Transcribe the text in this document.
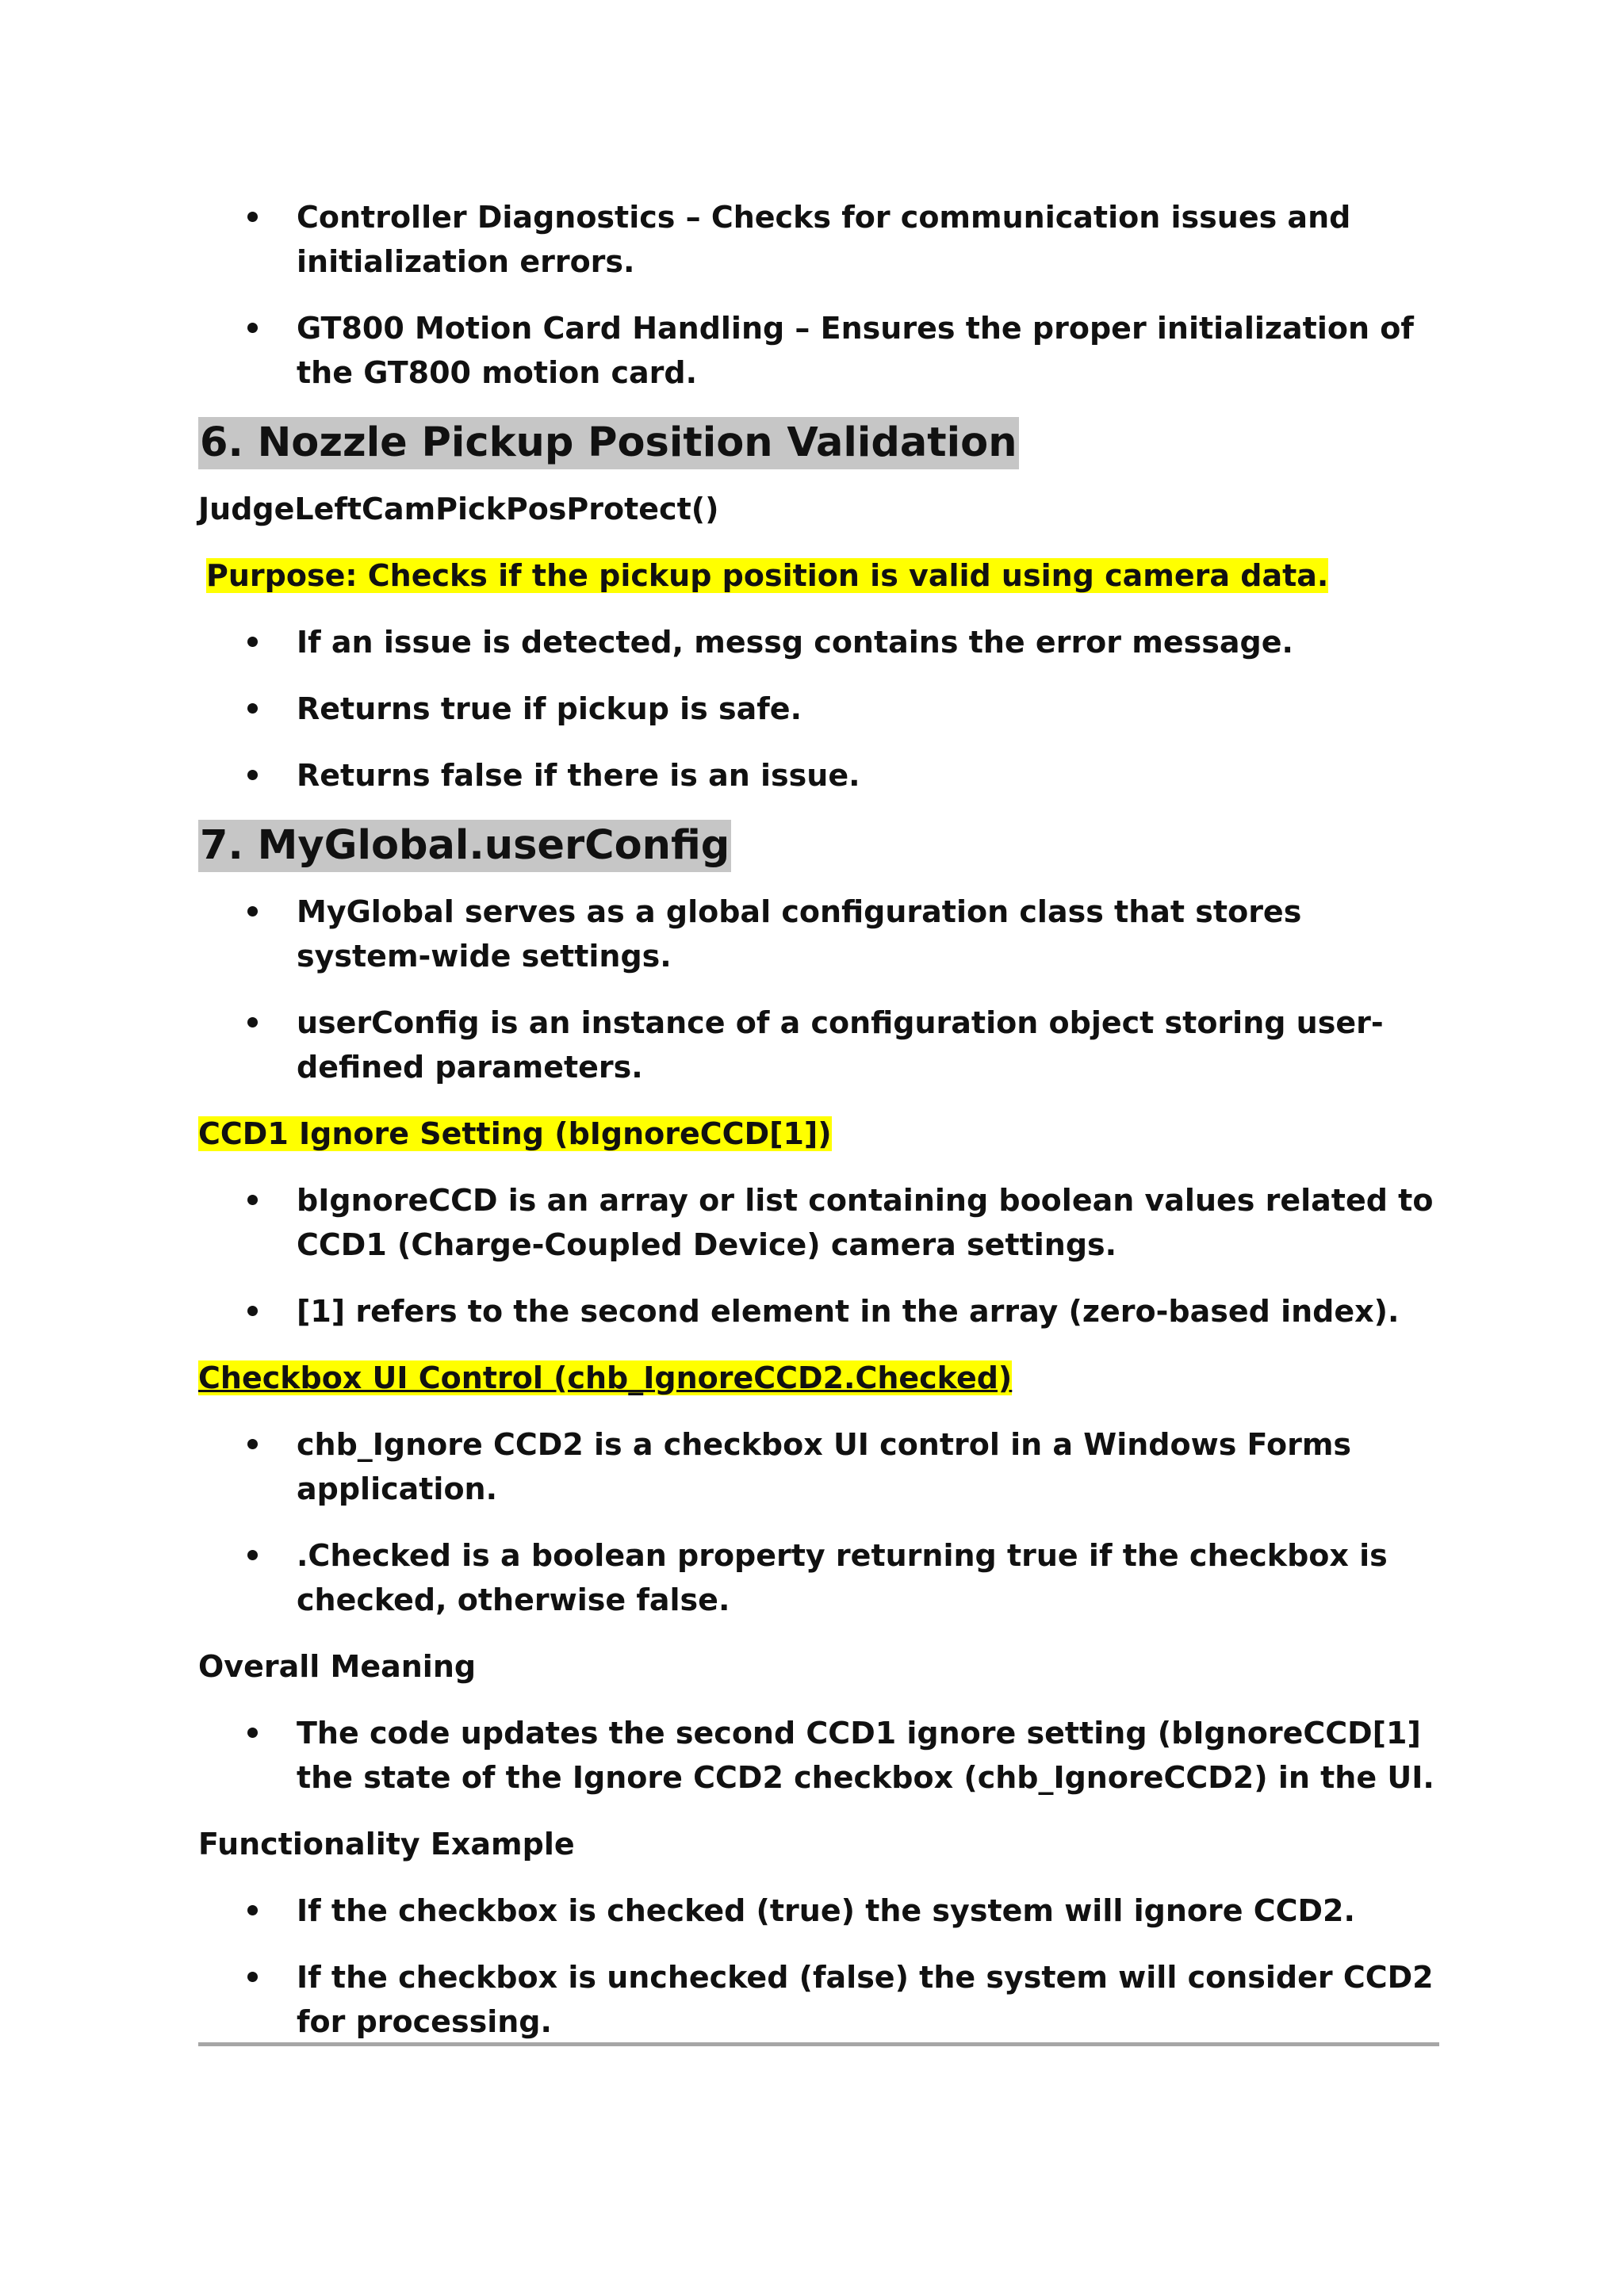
Controller Diagnostics – Checks for communication issues and initialization errors.
GT800 Motion Card Handling – Ensures the proper initialization of the GT800 motion card.
6. Nozzle Pickup Position Validation
JudgeLeftCamPickPosProtect()
Purpose: Checks if the pickup position is valid using camera data.
If an issue is detected, messg contains the error message.
Returns true if pickup is safe.
Returns false if there is an issue.
7. MyGlobal.userConfig
MyGlobal serves as a global configuration class that stores system-wide settings.
userConfig is an instance of a configuration object storing user-defined parameters.
CCD1 Ignore Setting (bIgnoreCCD[1])
bIgnoreCCD is an array or list containing boolean values related to CCD1 (Charge-Coupled Device) camera settings.
[1] refers to the second element in the array (zero-based index).
Checkbox UI Control (chb_IgnoreCCD2.Checked)
chb_Ignore CCD2 is a checkbox UI control in a Windows Forms application.
.Checked is a boolean property returning true if the checkbox is checked, otherwise false.
Overall Meaning
The code updates the second CCD1 ignore setting (bIgnoreCCD[1] the state of the Ignore CCD2 checkbox (chb_IgnoreCCD2) in the UI.
Functionality Example
If the checkbox is checked (true) the system will ignore CCD2.
If the checkbox is unchecked (false) the system will consider CCD2 for processing.
